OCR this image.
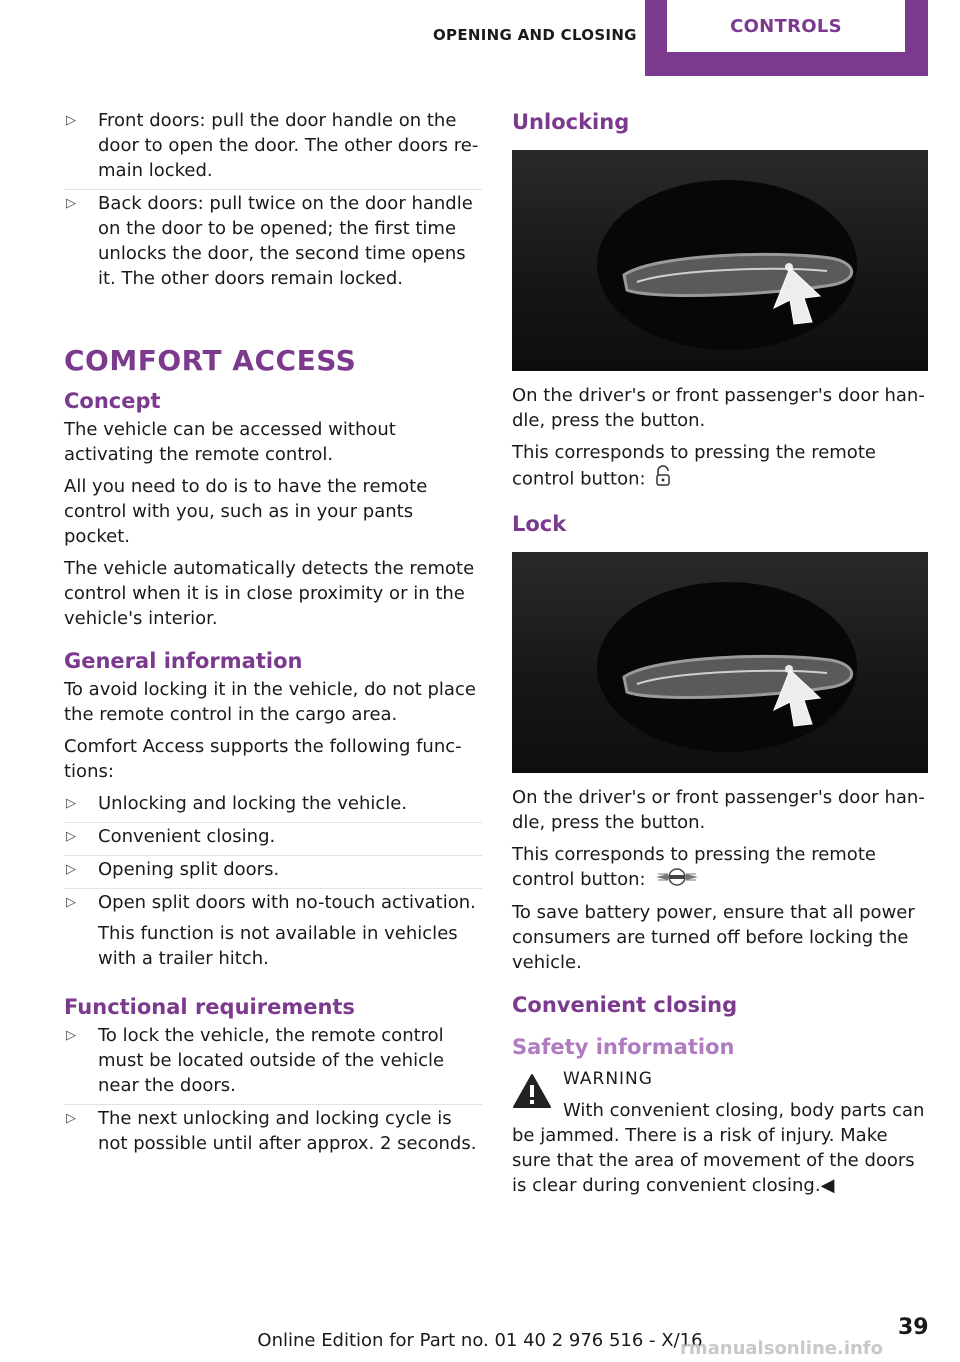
OPENING AND CLOSING	CONTROLS
▷ Front doors: pull the door handle on the door to open the door. The other doors remain locked.
▷ Back doors: pull twice on the door handle on the door to be opened; the first time unlocks the door, the second time opens it. The other doors remain locked.
COMFORT ACCESS
Concept

The vehicle can be accessed without activating the remote control.

All you need to do is to have the remote control with you, such as in your pants pocket.

The vehicle automatically detects the remote control when it is in close proximity or in the vehicle's interior.

General information

To avoid locking it in the vehicle, do not place the remote control in the cargo area.

Comfort Access supports the following functions:

▷ Unlocking and locking the vehicle.
▷ Convenient closing.
▷ Opening split doors.
▷ Open split doors with no-touch activation.
This function is not available in vehicles with a trailer hitch.
Functional requirements
▷ To lock the vehicle, the remote control must be located outside of the vehicle near the doors.
▷ The next unlocking and locking cycle is not possible until after approx. 2 seconds.
Unlocking

On the driver's or front passenger's door handle, press the button.

This corresponds to pressing the remote control button:

Lock

On the driver's or front passenger's door handle, press the button.

This corresponds to pressing the remote control button:

To save battery power, ensure that all power consumers are turned off before locking the vehicle.

Convenient closing
Safety information
WARNING

With convenient closing, body parts can be jammed. There is a risk of injury. Make sure that the area of movement of the doors is clear during convenient closing.◀

Online Edition for Part no. 01 40 2 976 516 - X/16
39
rmanualsonline.info
